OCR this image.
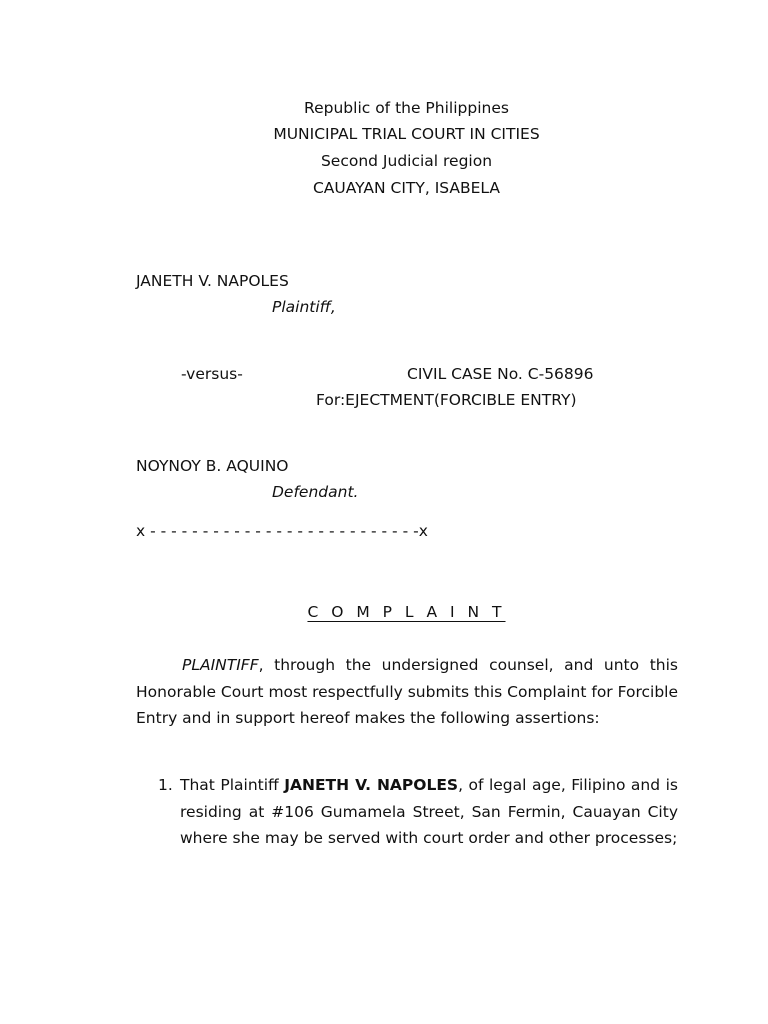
Republic of the Philippines
MUNICIPAL TRIAL COURT IN CITIES
Second Judicial region
CAUAYAN CITY, ISABELA
JANETH V. NAPOLES
Plaintiff,
-versus-	CIVIL CASE No. C-56896
For:EJECTMENT(FORCIBLE ENTRY)
NOYNOY B. AQUINO
Defendant.
x - - - - - - - - - - - - - - - - - - - - - - - - - -x
C O M P L A I N T
PLAINTIFF, through the undersigned counsel, and unto this Honorable Court most respectfully submits this Complaint for Forcible Entry and in support hereof makes the following assertions:
1. That Plaintiff JANETH V. NAPOLES, of legal age, Filipino and is residing at #106 Gumamela Street, San Fermin, Cauayan City where she may be served with court order and other processes;
